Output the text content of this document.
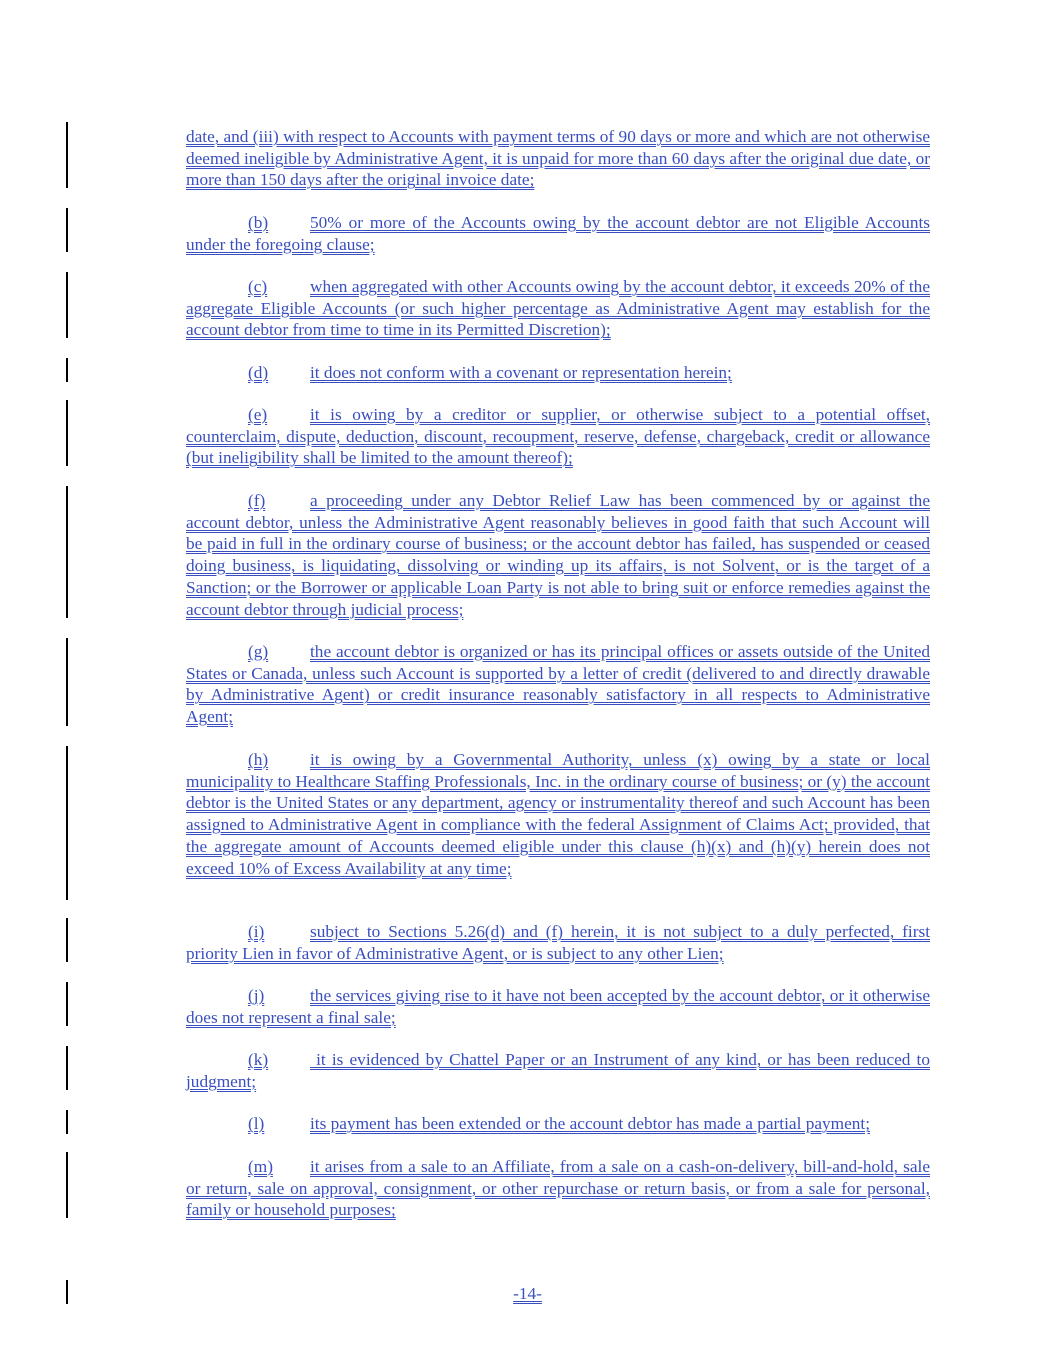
date, and (iii) with respect to Accounts with payment terms of 90 days or more and which are not otherwise deemed ineligible by Administrative Agent, it is unpaid for more than 60 days after the original due date, or more than 150 days after the original invoice date;

(b) 50% or more of the Accounts owing by the account debtor are not Eligible Accounts under the foregoing clause;

(c) when aggregated with other Accounts owing by the account debtor, it exceeds 20% of the aggregate Eligible Accounts (or such higher percentage as Administrative Agent may establish for the account debtor from time to time in its Permitted Discretion);

(d) it does not conform with a covenant or representation herein;

(e) it is owing by a creditor or supplier, or otherwise subject to a potential offset, counterclaim, dispute, deduction, discount, recoupment, reserve, defense, chargeback, credit or allowance (but ineligibility shall be limited to the amount thereof);

(f)	a proceeding under any Debtor Relief Law has been commenced by or against the account debtor, unless the Administrative Agent reasonably believes in good faith that such Account will be paid in full in the ordinary course of business; or the account debtor has failed, has suspended or ceased doing business, is liquidating, dissolving or winding up its affairs, is not Solvent, or is the target of a Sanction; or the Borrower or applicable Loan Party is not able to bring suit or enforce remedies against the account debtor through judicial process;

(g) the account debtor is organized or has its principal offices or assets outside of the United States or Canada, unless such Account is supported by a letter of credit (delivered to and directly drawable by Administrative Agent) or credit insurance reasonably satisfactory in all respects to Administrative Agent;

(h) it is owing by a Governmental Authority, unless (x) owing by a state or local municipality to Healthcare Staffing Professionals, Inc. in the ordinary course of business; or (y) the account debtor is the United States or any department, agency or instrumentality thereof and such Account has been assigned to Administrative Agent in compliance with the federal Assignment of Claims Act; provided, that the aggregate amount of Accounts deemed eligible under this clause (h)(x) and (h)(y) herein does not exceed 10% of Excess Availability at any time;

(i)	subject to Sections 5.26(d) and (f) herein, it is not subject to a duly perfected, first priority Lien in favor of Administrative Agent, or is subject to any other Lien;

(j)	the services giving rise to it have not been accepted by the account debtor, or it otherwise does not represent a final sale;

(k) it is evidenced by Chattel Paper or an Instrument of any kind, or has been reduced to judgment;

(l)	its payment has been extended or the account debtor has made a partial payment;

(m) it arises from a sale to an Affiliate, from a sale on a cash-on-delivery, bill-and-hold, sale or return, sale on approval, consignment, or other repurchase or return basis, or from a sale for personal, family or household purposes;

-14-
